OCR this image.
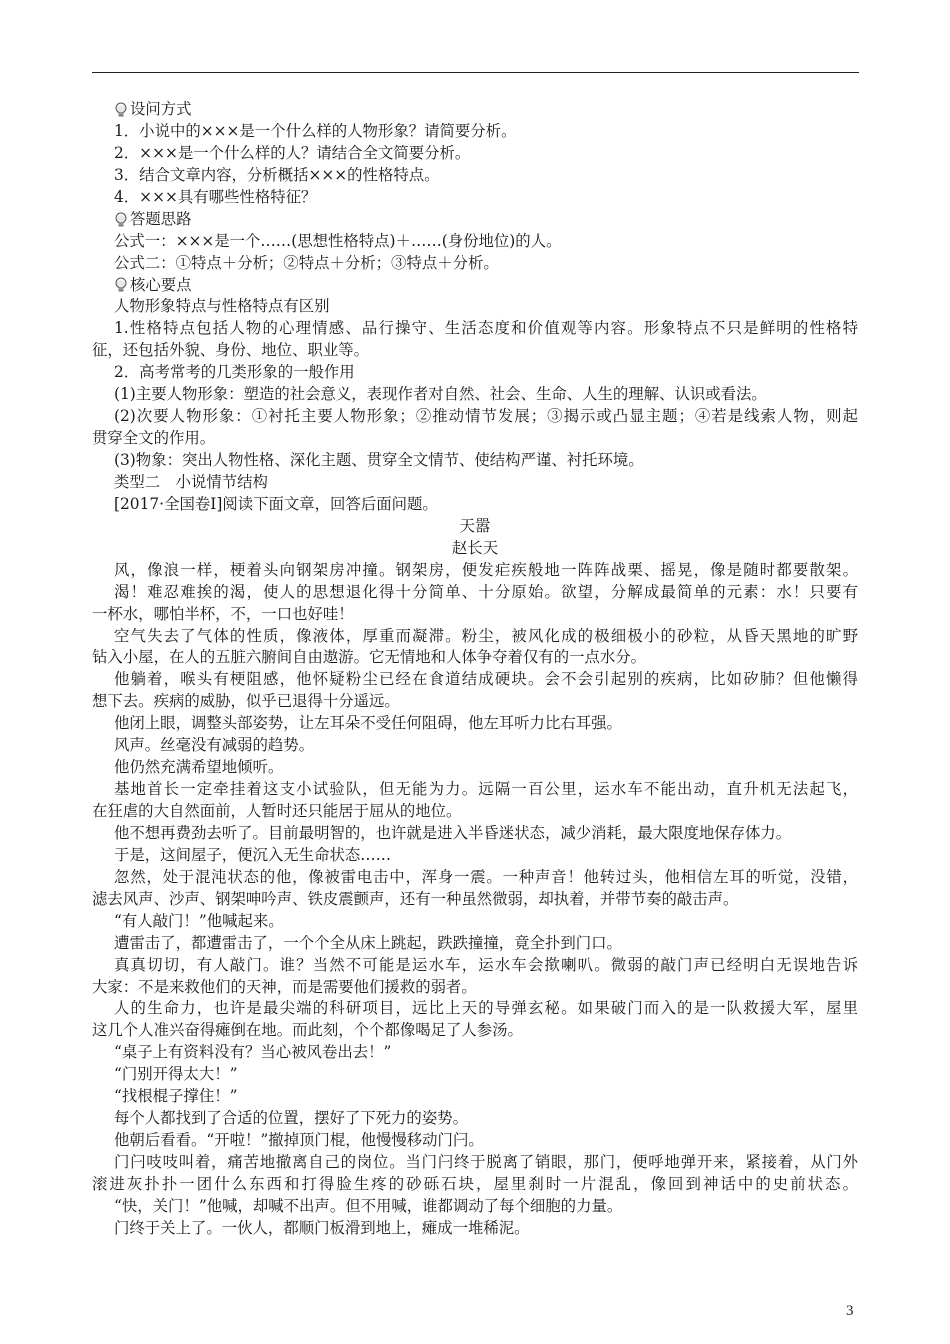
设问方式
1．小说中的×××是一个什么样的人物形象？请简要分析。
2．×××是一个什么样的人？请结合全文简要分析。
3．结合文章内容，分析概括×××的性格特点。
4．×××具有哪些性格特征？
答题思路
公式一：×××是一个……(思想性格特点)＋……(身份地位)的人。
公式二：①特点＋分析；②特点＋分析；③特点＋分析。
核心要点
人物形象特点与性格特点有区别
1.性格特点包括人物的心理情感、品行操守、生活态度和价值观等内容。形象特点不只是鲜明的性格特
征，还包括外貌、身份、地位、职业等。
2．高考常考的几类形象的一般作用
(1)主要人物形象：塑造的社会意义，表现作者对自然、社会、生命、人生的理解、认识或看法。
(2)次要人物形象：①衬托主要人物形象；②推动情节发展；③揭示或凸显主题；④若是线索人物，则起
贯穿全文的作用。
(3)物象：突出人物性格、深化主题、贯穿全文情节、使结构严谨、衬托环境。
类型二　小说情节结构
[2017·全国卷Ⅰ]阅读下面文章，回答后面问题。
天嚣
赵长天
风，像浪一样，梗着头向钢架房冲撞。钢架房，便发疟疾般地一阵阵战栗、摇晃，像是随时都要散架。
渴！难忍难挨的渴，使人的思想退化得十分简单、十分原始。欲望，分解成最简单的元素：水！只要有
一杯水，哪怕半杯，不，一口也好哇！
空气失去了气体的性质，像液体，厚重而凝滞。粉尘，被风化成的极细极小的砂粒，从昏天黑地的旷野
钻入小屋，在人的五脏六腑间自由遨游。它无情地和人体争夺着仅有的一点水分。
他躺着，喉头有梗阻感，他怀疑粉尘已经在食道结成硬块。会不会引起别的疾病，比如矽肺？但他懒得
想下去。疾病的威胁，似乎已退得十分遥远。
他闭上眼，调整头部姿势，让左耳朵不受任何阻碍，他左耳听力比右耳强。
风声。丝毫没有减弱的趋势。
他仍然充满希望地倾听。
基地首长一定牵挂着这支小试验队，但无能为力。远隔一百公里，运水车不能出动，直升机无法起飞，
在狂虐的大自然面前，人暂时还只能居于屈从的地位。
他不想再费劲去听了。目前最明智的，也许就是进入半昏迷状态，减少消耗，最大限度地保存体力。
于是，这间屋子，便沉入无生命状态……
忽然，处于混沌状态的他，像被雷电击中，浑身一震。一种声音！他转过头，他相信左耳的听觉，没错，
滤去风声、沙声、钢架呻吟声、铁皮震颤声，还有一种虽然微弱，却执着，并带节奏的敲击声。
“有人敲门！”他喊起来。
遭雷击了，都遭雷击了，一个个全从床上跳起，跌跌撞撞，竟全扑到门口。
真真切切，有人敲门。谁？当然不可能是运水车，运水车会揿喇叭。微弱的敲门声已经明白无误地告诉
大家：不是来救他们的天神，而是需要他们援救的弱者。
人的生命力，也许是最尖端的科研项目，远比上天的导弹玄秘。如果破门而入的是一队救援大军，屋里
这几个人准兴奋得瘫倒在地。而此刻，个个都像喝足了人参汤。
“桌子上有资料没有？当心被风卷出去！”
“门别开得太大！”
“找根棍子撑住！”
每个人都找到了合适的位置，摆好了下死力的姿势。
他朝后看看。“开啦！”撤掉顶门棍，他慢慢移动门闩。
门闩吱吱叫着，痛苦地撤离自己的岗位。当门闩终于脱离了销眼，那门，便呼地弹开来，紧接着，从门外
滚进灰扑扑一团什么东西和打得脸生疼的砂砾石块，屋里刹时一片混乱，像回到神话中的史前状态。
“快，关门！”他喊，却喊不出声。但不用喊，谁都调动了每个细胞的力量。
门终于关上了。一伙人，都顺门板滑到地上，瘫成一堆稀泥。
3
